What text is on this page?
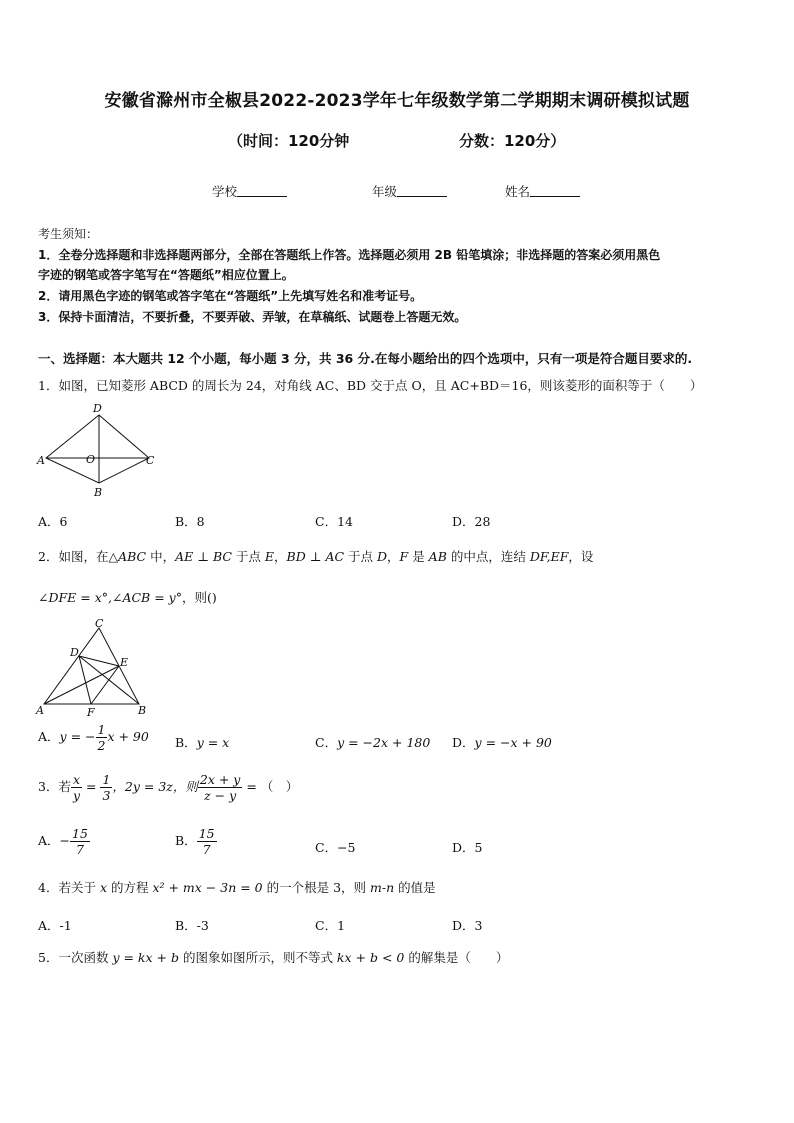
安徽省滁州市全椒县2022-2023学年七年级数学第二学期期末调研模拟试题
（时间：120分钟	分数：120分）
学校	年级	姓名
考生须知：
1．全卷分选择题和非选择题两部分，全部在答题纸上作答。选择题必须用 2B 铅笔填涂；非选择题的答案必须用黑色
字迹的钢笔或答字笔写在“答题纸”相应位置上。
2．请用黑色字迹的钢笔或答字笔在“答题纸”上先填写姓名和准考证号。
3．保持卡面清洁，不要折叠，不要弄破、弄皱，在草稿纸、试题卷上答题无效。
一、选择题：本大题共 12 个小题，每小题 3 分，共 36 分.在每小题给出的四个选项中，只有一项是符合题目要求的.
1．如图，已知菱形 ABCD 的周长为 24，对角线 AC、BD 交于点 O，且 AC+BD＝16，则该菱形的面积等于（　　）
D
A	O	C
B
A．6	B．8	C．14	D．28
2．如图，在△ABC 中，AE ⊥ BC 于点 E，BD ⊥ AC 于点 D，F 是 AB 的中点，连结 DF,EF，设
∠DFE = x°,∠ACB = y°，则()
C
D
E
A	F	B
A．y = − $\frac{1}{2}$ x + 90 B．y = x	C．y = −2x + 180 D．y = −x + 90
3．若 $\frac{x}{y} = \frac{1}{3}$ ，2y = 3z，则 $\frac{2x + y}{z - y}$ = （　）
A．− $\frac{15}{7}$	B． $\frac{15}{7}$	C．−5	D．5
4．若关于 x 的方程 x² + mx − 3n = 0 的一个根是 3，则 m-n 的值是
A．-1	B．-3	C．1	D．3
5．一次函数 y = kx + b 的图象如图所示，则不等式 kx + b < 0 的解集是（　　）
